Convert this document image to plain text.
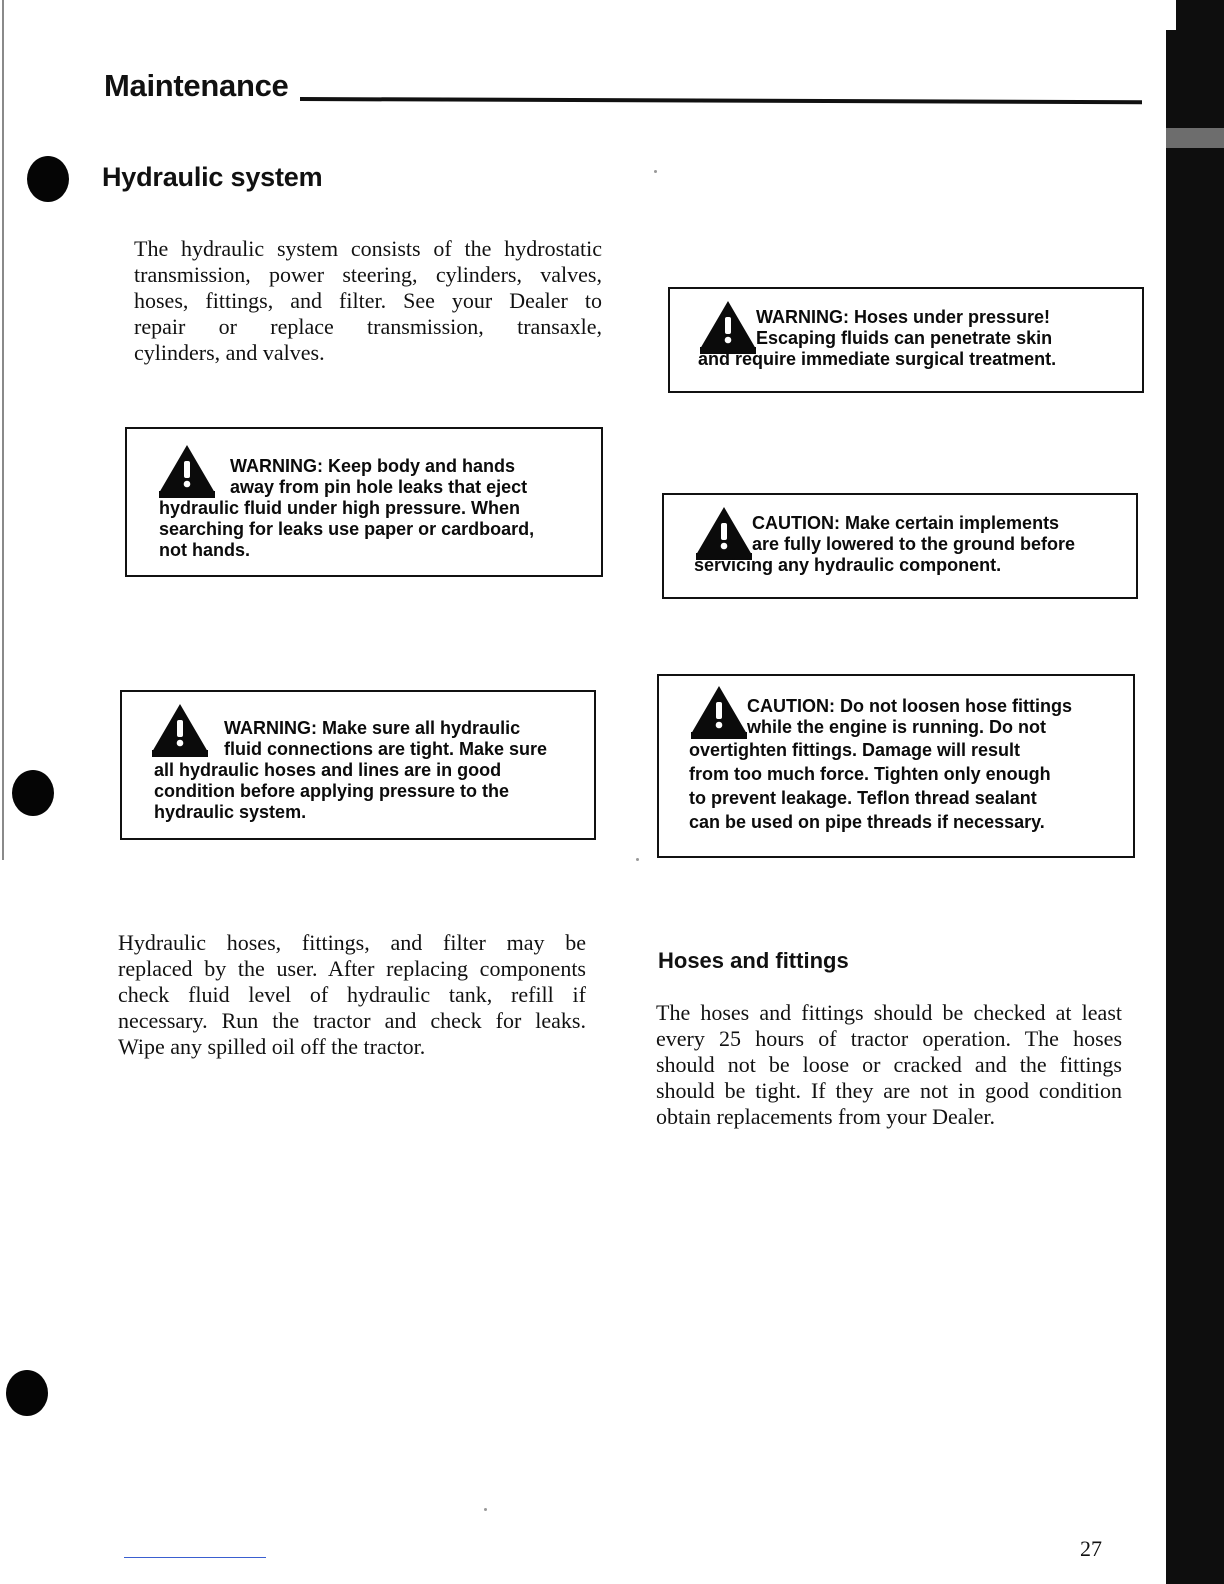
Maintenance
Hydraulic system
The hydraulic system consists of the hydrostatic
transmission, power steering, cylinders, valves,
hoses, fittings, and filter. See your Dealer to
repair or replace transmission, transaxle,
cylinders, and valves.
WARNING: Hoses under pressure!
Escaping fluids can penetrate skin
and require immediate surgical treatment.
WARNING: Keep body and hands
away from pin hole leaks that eject
hydraulic fluid under high pressure. When
searching for leaks use paper or cardboard,
not hands.
CAUTION: Make certain implements
are fully lowered to the ground before
servicing any hydraulic component.
WARNING: Make sure all hydraulic
fluid connections are tight. Make sure
all hydraulic hoses and lines are in good
condition before applying pressure to the
hydraulic system.
CAUTION: Do not loosen hose fittings
while the engine is running. Do not
overtighten fittings. Damage will result
from too much force. Tighten only enough
to prevent leakage. Teflon thread sealant
can be used on pipe threads if necessary.
Hydraulic hoses, fittings, and filter may be
replaced by the user. After replacing components
check fluid level of hydraulic tank, refill if
necessary. Run the tractor and check for leaks.
Wipe any spilled oil off the tractor.
Hoses and fittings
The hoses and fittings should be checked at least
every 25 hours of tractor operation. The hoses
should not be loose or cracked and the fittings
should be tight. If they are not in good condition
obtain replacements from your Dealer.
27
